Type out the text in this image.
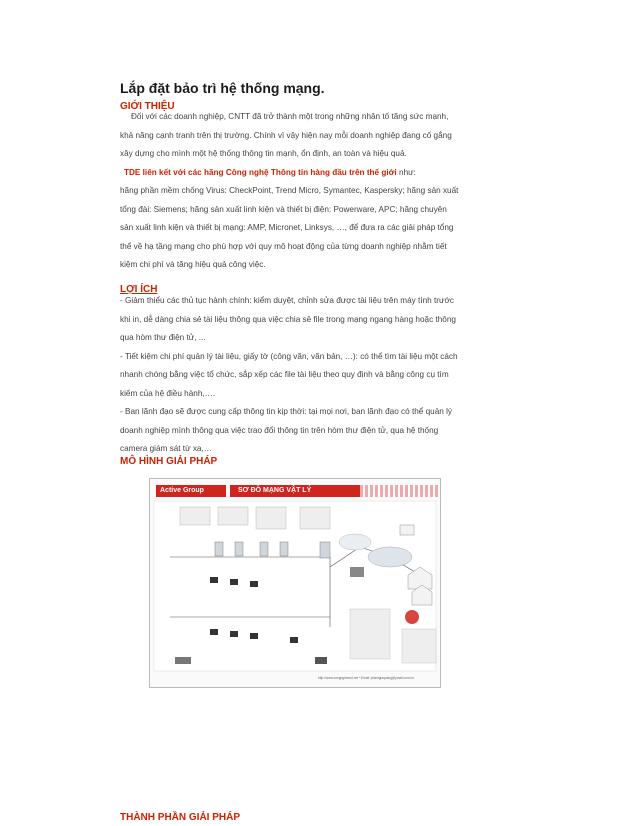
Lắp đặt bảo trì hệ thống mạng.
GIỚI THIỆU
Đối với các doanh nghiệp, CNTT đã trở thành một trong những nhân tố tăng sức mạnh,
khả năng cạnh tranh trên thị trường. Chính vì vậy hiện nay mỗi doanh nghiệp đang cố gắng
xây dựng cho mình một hệ thống thông tin mạnh, ổn định, an toàn và hiệu quả.
TDE liên kết với các hãng Công nghệ Thông tin hàng đầu trên thế giới như:
hãng phần mềm chống Virus: CheckPoint, Trend Micro, Symantec, Kaspersky; hãng sản xuất
tổng đài: Siemens; hãng sản xuất linh kiện và thiết bị điện: Powerware, APC; hãng chuyên
sản xuất linh kiện và thiết bị mạng: AMP, Micronet, Linksys, …, để đưa ra các giải pháp tổng
thể về hạ tầng mạng cho phù hợp với quy mô hoạt động của từng doanh nghiệp nhằm tiết
kiệm chi phí và tăng hiệu quả công việc.
LỢI ÍCH
- Giảm thiểu các thủ tục hành chính: kiểm duyệt, chỉnh sửa được tài liệu trên máy tính trước
khi in, dễ dàng chia sẻ tài liệu thông qua việc chia sẻ file trong mạng ngang hàng hoặc thông
qua hòm thư điện tử, ...
- Tiết kiệm chi phí quản lý tài liệu, giấy tờ (công văn, văn bản, …): có thể tìm tài liệu một cách
nhanh chóng bằng việc tổ chức, sắp xếp các file tài liệu theo quy định và bằng công cụ tìm
kiếm của hệ điều hành,….
- Ban lãnh đạo sẽ được cung cấp thông tin kịp thời: tại mọi nơi, ban lãnh đạo có thể quản lý
doanh nghiệp mình thông qua việc trao đổi thông tin trên hòm thư điện tử, qua hệ thống
camera giám sát từ xa,…
MÔ HÌNH GIẢI PHÁP
Active Group	SƠ ĐỒ MẠNG VẬT LÝ
http://www.congnghemoi.net * Email: phamgiaquang@ymail.com.vn
THÀNH PHẦN GIẢI PHÁP
